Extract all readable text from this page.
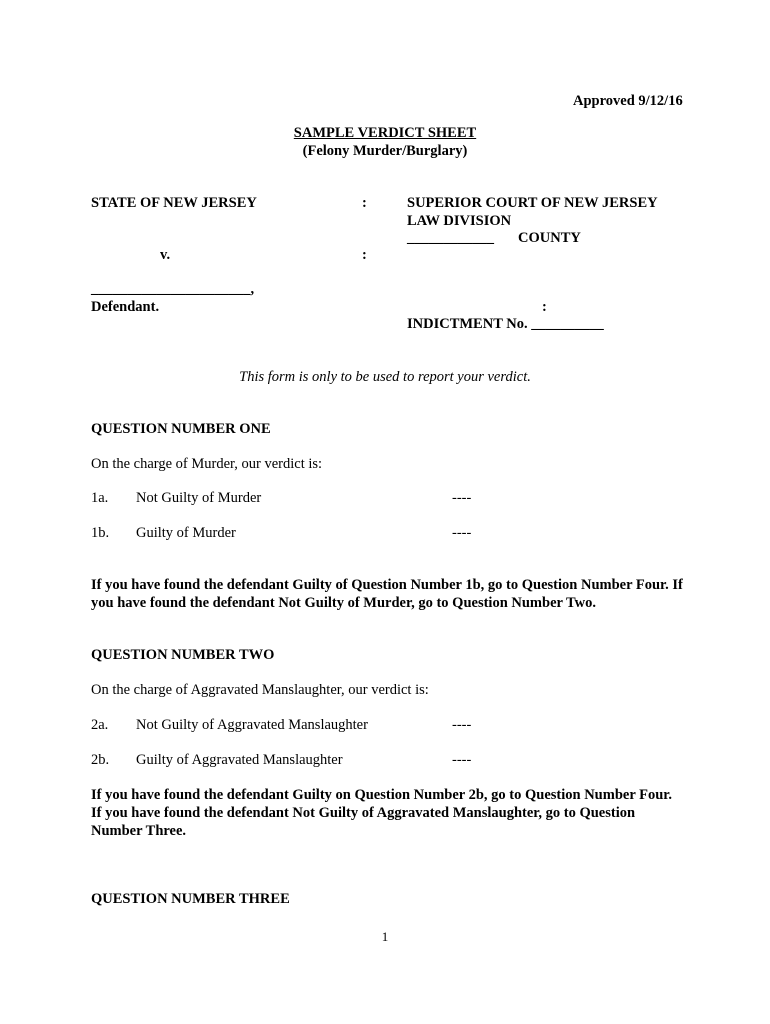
Approved 9/12/16
SAMPLE VERDICT SHEET
(Felony Murder/Burglary)
STATE OF NEW JERSEY	:	SUPERIOR COURT OF NEW JERSEY
LAW DIVISION
____________ COUNTY
v.	:
______________________,
Defendant.	:
INDICTMENT No. __________
This form is only to be used to report your verdict.
QUESTION NUMBER ONE
On the charge of Murder, our verdict is:
1a. Not Guilty of Murder	----
1b. Guilty of Murder	----
If you have found the defendant Guilty of Question Number 1b, go to Question Number Four. If you have found the defendant Not Guilty of Murder, go to Question Number Two.
QUESTION NUMBER TWO
On the charge of Aggravated Manslaughter, our verdict is:
2a. Not Guilty of Aggravated Manslaughter	----
2b. Guilty of Aggravated Manslaughter	----
If you have found the defendant Guilty on Question Number 2b, go to Question Number Four. If you have found the defendant Not Guilty of Aggravated Manslaughter, go to Question Number Three.
QUESTION NUMBER THREE
1
